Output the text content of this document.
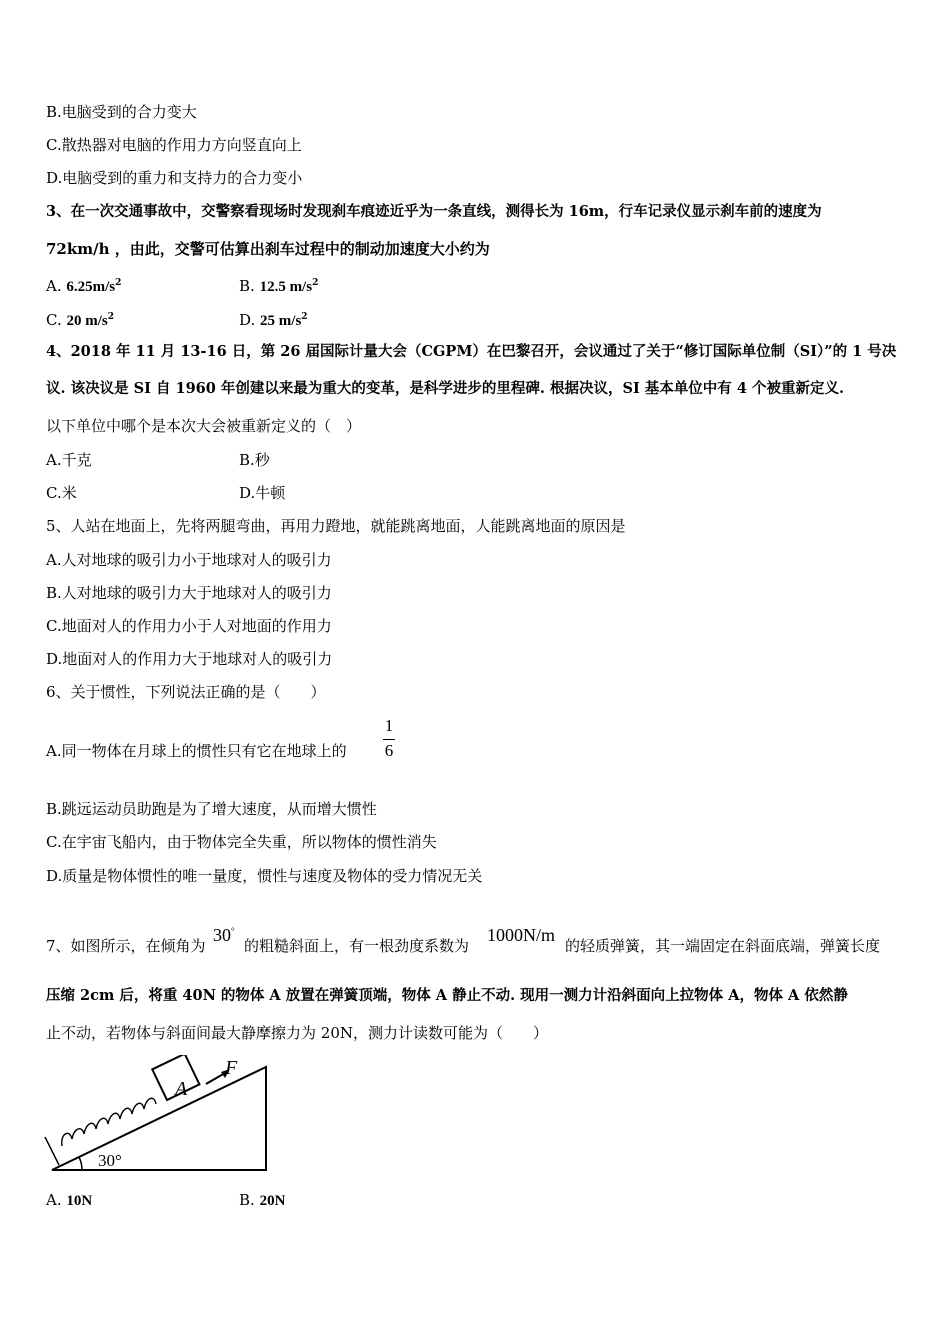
B.电脑受到的合力变大
C.散热器对电脑的作用力方向竖直向上
D.电脑受到的重力和支持力的合力变小
3、在一次交通事故中，交警察看现场时发现刹车痕迹近乎为一条直线，测得长为 16m，行车记录仪显示刹车前的速度为
72km/h ，由此，交警可估算出刹车过程中的制动加速度大小约为
A. $6.25m/s^2$	B. 12.5 $m/s^2$
C. 20 $m/s^2$	D. 25 $m/s^2$
4、2018 年 11 月 13-16 日，第 26 届国际计量大会（CGPM）在巴黎召开，会议通过了关于“修订国际单位制（SI）”的 1 号决
议. 该决议是 SI 自 1960 年创建以来最为重大的变革，是科学进步的里程碑. 根据决议，SI 基本单位中有 4 个被重新定义.
以下单位中哪个是本次大会被重新定义的（　）
A.千克	B.秒
C.米	D.牛顿
5、人站在地面上，先将两腿弯曲，再用力蹬地，就能跳离地面，人能跳离地面的原因是
A.人对地球的吸引力小于地球对人的吸引力
B.人对地球的吸引力大于地球对人的吸引力
C.地面对人的作用力小于人对地面的作用力
D.地面对人的作用力大于地球对人的吸引力
6、关于惯性，下列说法正确的是（　　）
A.同一物体在月球上的惯性只有它在地球上的
1
6
B.跳远运动员助跑是为了增大速度，从而增大惯性
C.在宇宙飞船内，由于物体完全失重，所以物体的惯性消失
D.质量是物体惯性的唯一量度，惯性与速度及物体的受力情况无关
7、如图所示，在倾角为
30°
的粗糙斜面上，有一根劲度系数为
1000N/m
的轻质弹簧，其一端固定在斜面底端，弹簧长度
压缩 2cm 后，将重 40N 的物体 A 放置在弹簧顶端，物体 A 静止不动. 现用一测力计沿斜面向上拉物体 A，物体 A 依然静
止不动，若物体与斜面间最大静摩擦力为 20N，测力计读数可能为（　　）
A
F
30°
A. 10N	B. 20N
